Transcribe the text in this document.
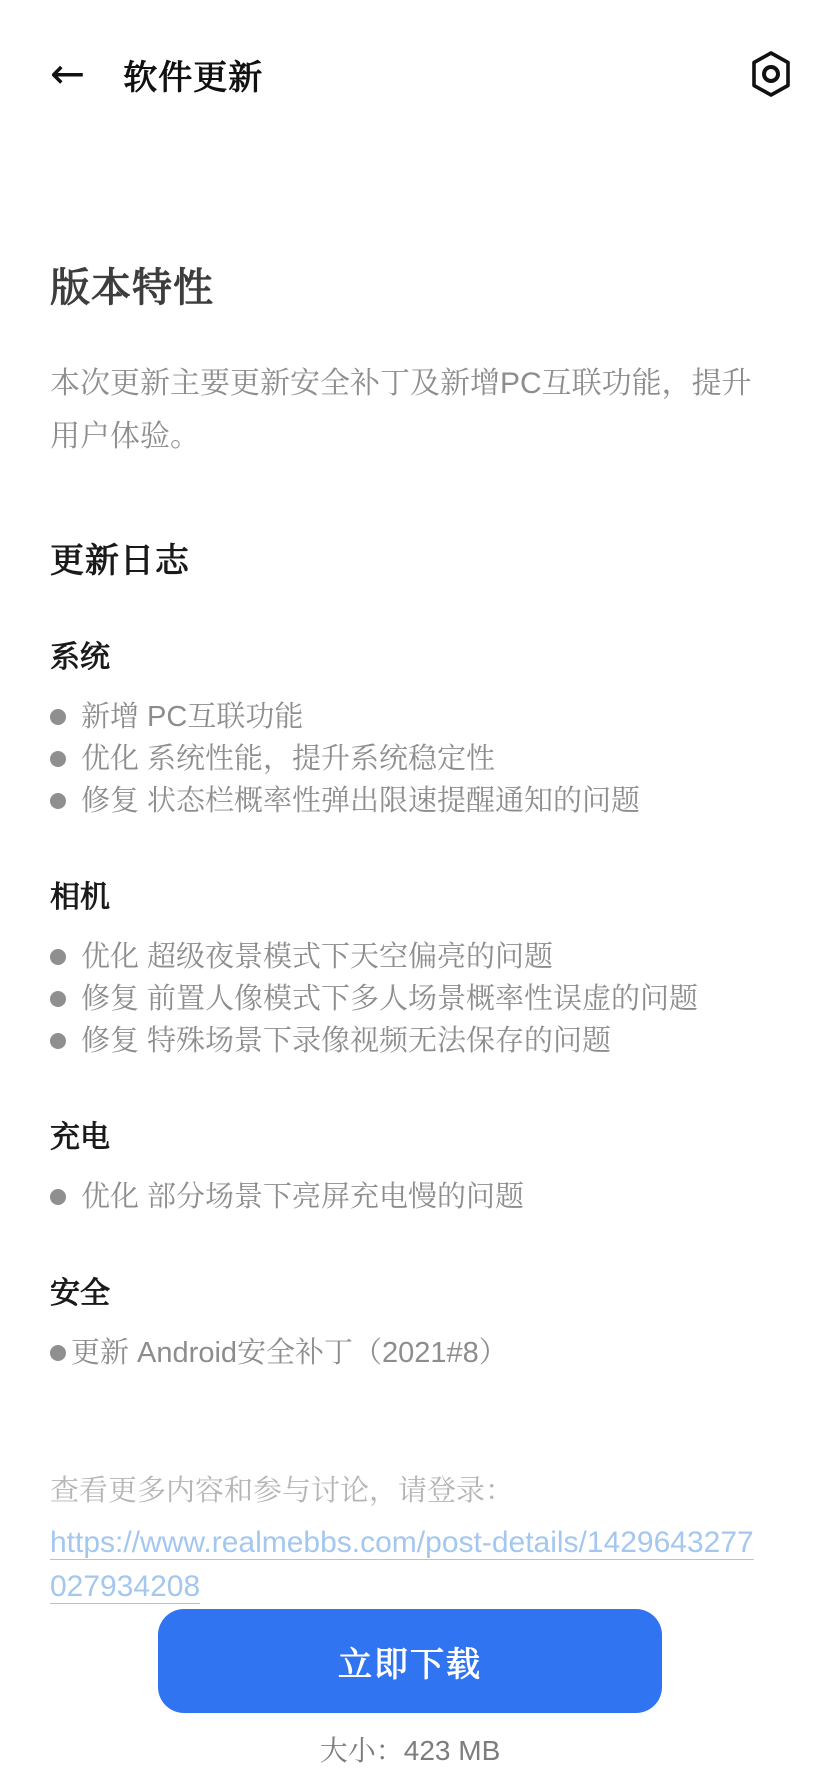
← 软件更新
版本特性
本次更新主要更新安全补丁及新增PC互联功能，提升用户体验。
更新日志
系统
新增 PC互联功能
优化 系统性能，提升系统稳定性
修复 状态栏概率性弹出限速提醒通知的问题
相机
优化 超级夜景模式下天空偏亮的问题
修复 前置人像模式下多人场景概率性误虚的问题
修复 特殊场景下录像视频无法保存的问题
充电
优化 部分场景下亮屏充电慢的问题
安全
更新 Android安全补丁（2021#8）
查看更多内容和参与讨论，请登录：
https://www.realmebbs.com/post-details/1429643277027934208
立即下载
大小：423 MB
